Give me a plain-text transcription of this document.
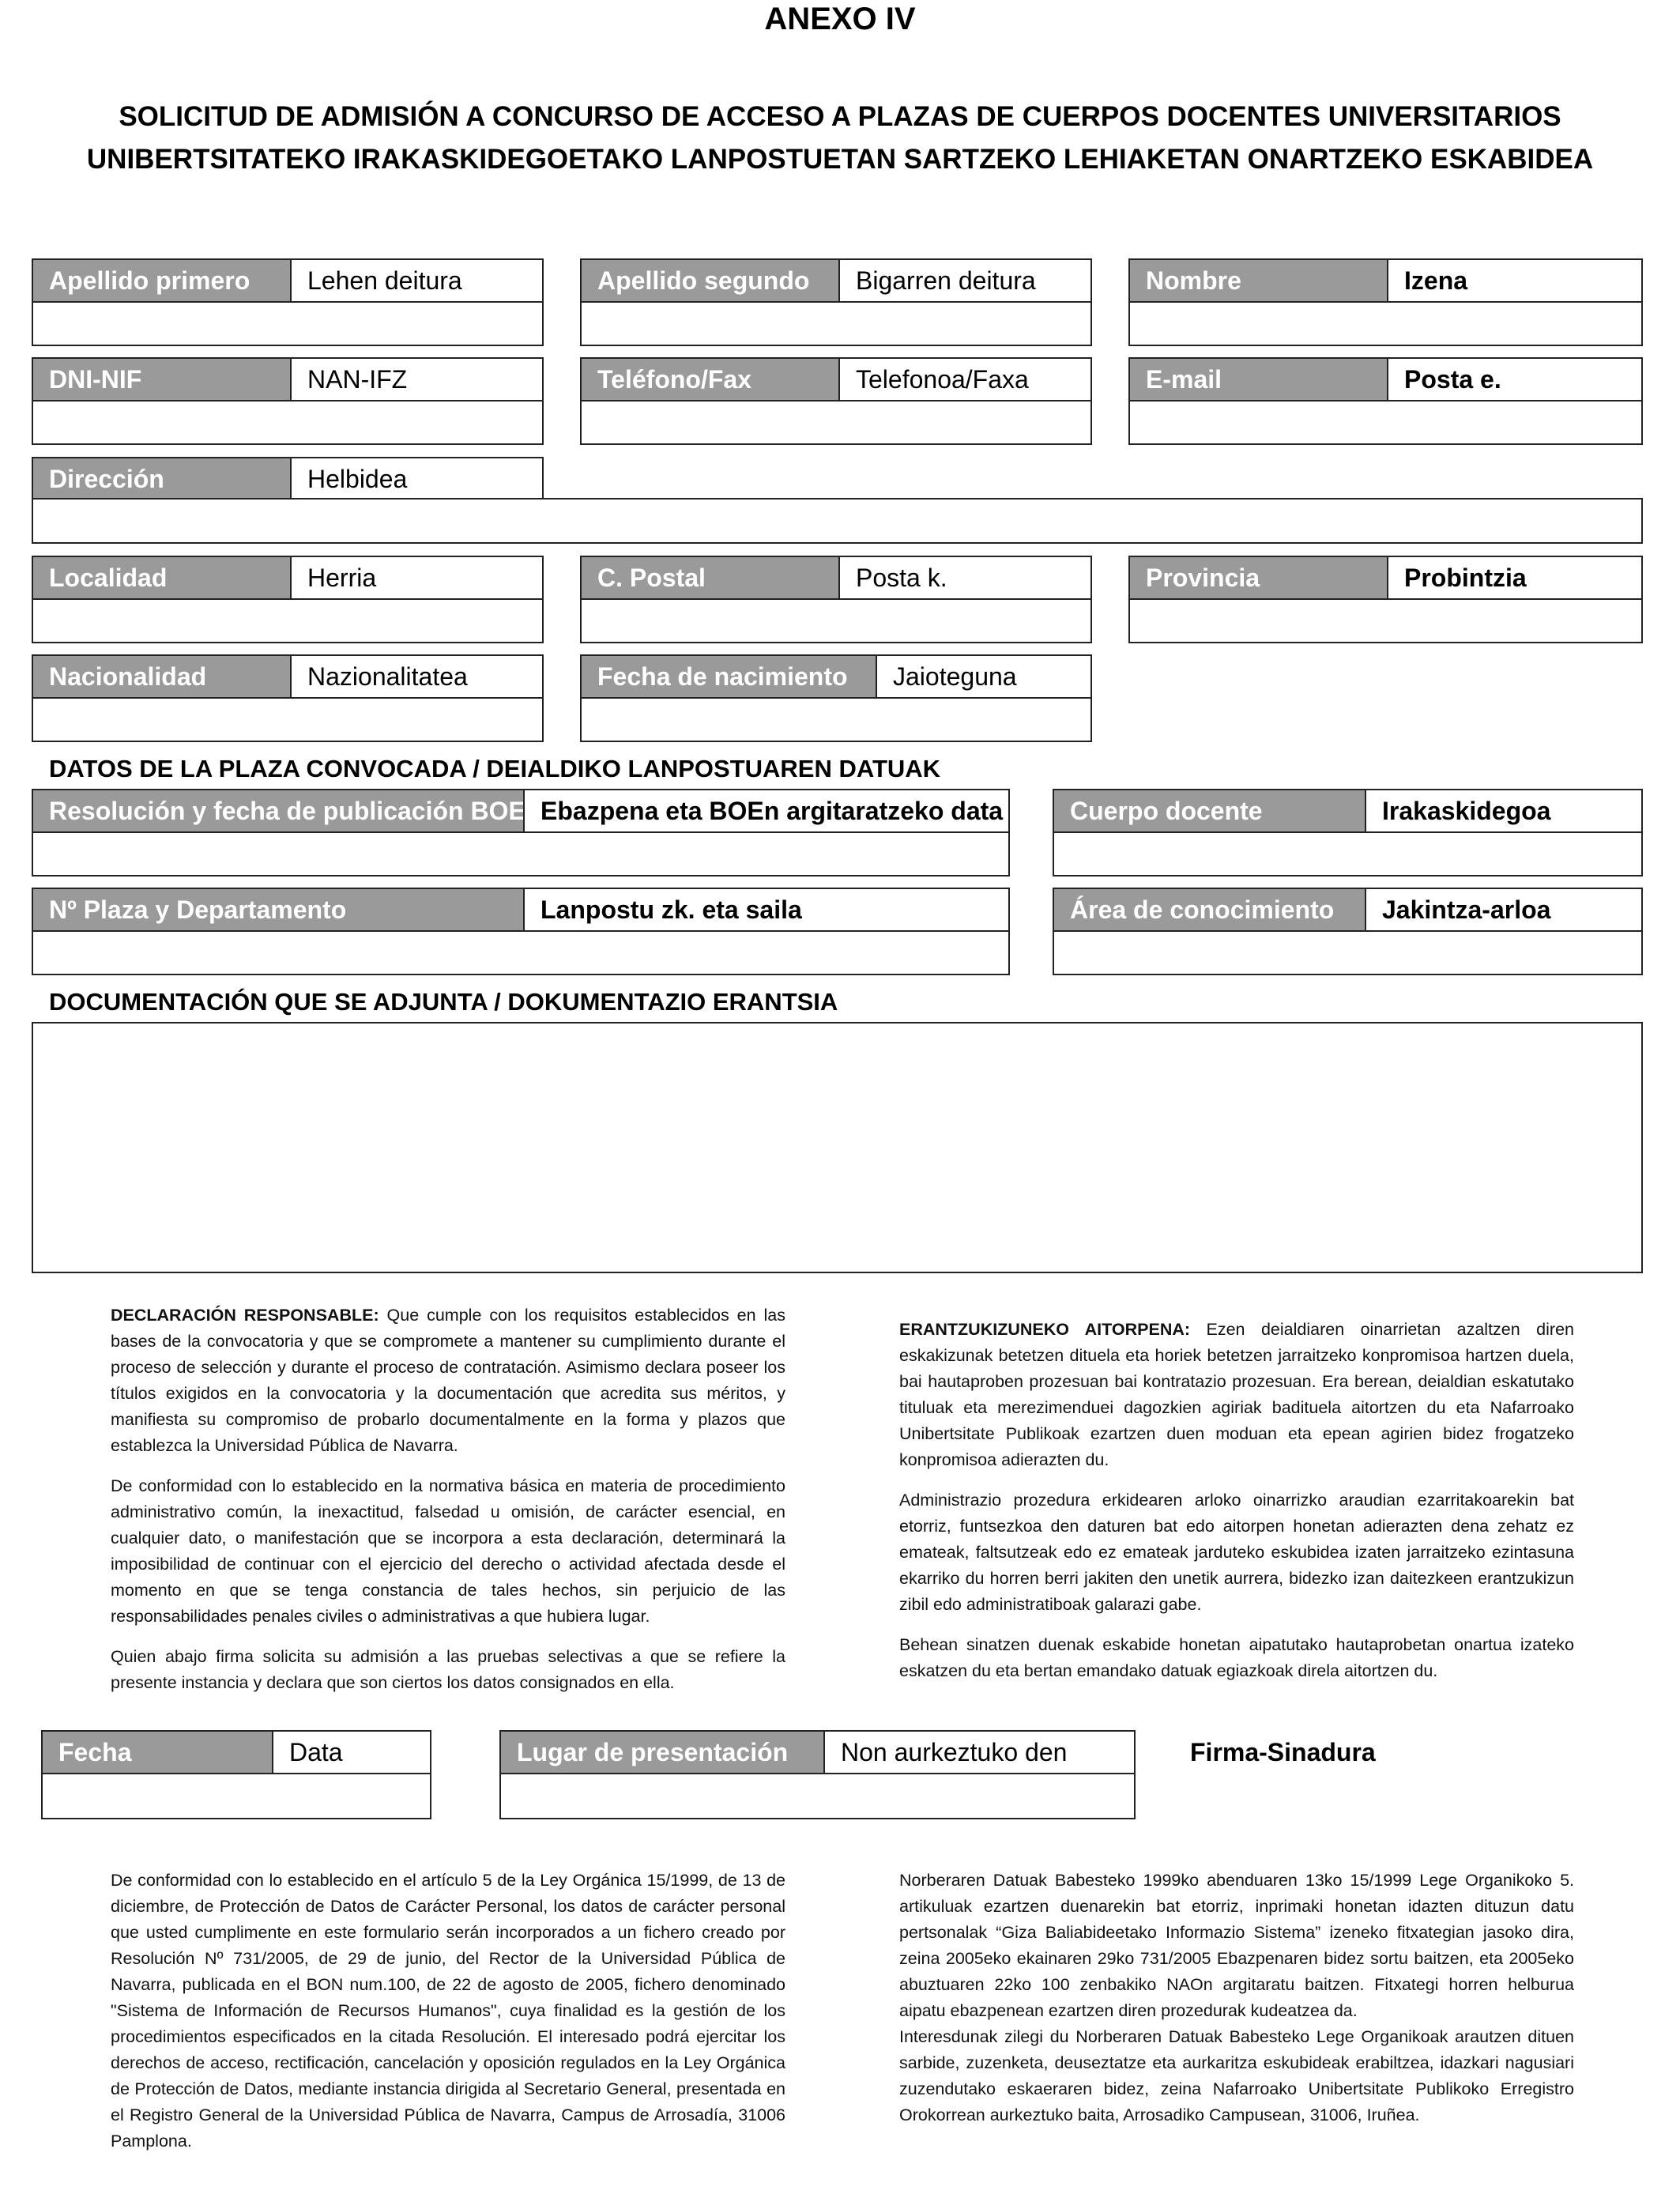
ANEXO IV
SOLICITUD DE ADMISIÓN A CONCURSO DE ACCESO A PLAZAS DE CUERPOS DOCENTES UNIVERSITARIOS
UNIBERTSITATEKO IRAKASKIDEGOETAKO LANPOSTUETAN SARTZEKO LEHIAKETAN ONARTZEKO ESKABIDEA
Apellido primero	Lehen deitura	Apellido segundo	Bigarren deitura	Nombre	Izena
DNI-NIF	NAN-IFZ	Teléfono/Fax	Telefonoa/Faxa	E-mail	Posta e.
Dirección	Helbidea
Localidad	Herria	C. Postal	Posta k.	Provincia	Probintzia
Nacionalidad	Nazionalitatea	Fecha de nacimiento	Jaioteguna
DATOS DE LA PLAZA CONVOCADA / DEIALDIKO LANPOSTUAREN DATUAK
Resolución y fecha de publicación BOE Ebazpena eta BOEn argitaratzeko data	Cuerpo docente	Irakaskidegoa
Nº Plaza y Departamento	Lanpostu zk. eta saila	Área de conocimiento	Jakintza-arloa
DOCUMENTACIÓN QUE SE ADJUNTA / DOKUMENTAZIO ERANTSIA

DECLARACIÓN RESPONSABLE: Que cumple con los requisitos establecidos en las bases de la convocatoria y que se compromete a mantener su cumplimiento durante el proceso de selección y durante el proceso de contratación. Asimismo declara poseer los títulos exigidos en la convocatoria y la documentación que acredita sus méritos, y manifiesta su compromiso de probarlo documentalmente en la forma y plazos que establezca la Universidad Pública de Navarra.

De conformidad con lo establecido en la normativa básica en materia de procedimiento administrativo común, la inexactitud, falsedad u omisión, de carácter esencial, en cualquier dato, o manifestación que se incorpora a esta declaración, determinará la imposibilidad de continuar con el ejercicio del derecho o actividad afectada desde el momento en que se tenga constancia de tales hechos, sin perjuicio de las responsabilidades penales civiles o administrativas a que hubiera lugar.

Quien abajo firma solicita su admisión a las pruebas selectivas a que se refiere la presente instancia y declara que son ciertos los datos consignados en ella.

ERANTZUKIZUNEKO AITORPENA: Ezen deialdiaren oinarrietan azaltzen diren eskakizunak betetzen dituela eta horiek betetzen jarraitzeko konpromisoa hartzen duela, bai hautaproben prozesuan bai kontratazio prozesuan. Era berean, deialdian eskatutako tituluak eta merezimenduei dagozkien agiriak badituela aitortzen du eta Nafarroako Unibertsitate Publikoak ezartzen duen moduan eta epean agirien bidez frogatzeko konpromisoa adierazten du.

Administrazio prozedura erkidearen arloko oinarrizko araudian ezarritakoarekin bat etorriz, funtsezkoa den daturen bat edo aitorpen honetan adierazten dena zehatz ez emateak, faltsutzeak edo ez emateak jarduteko eskubidea izaten jarraitzeko ezintasuna ekarriko du horren berri jakiten den unetik aurrera, bidezko izan daitezkeen erantzukizun zibil edo administratiboak galarazi gabe.

Behean sinatzen duenak eskabide honetan aipatutako hautaprobetan onartua izateko eskatzen du eta bertan emandako datuak egiazkoak direla aitortzen du.

Fecha	Data	Lugar de presentación	Non aurkeztuko den	Firma-Sinadura
De conformidad con lo establecido en el artículo 5 de la Ley Orgánica 15/1999, de 13 de diciembre, de Protección de Datos de Carácter Personal, los datos de carácter personal que usted cumplimente en este formulario serán incorporados a un fichero creado por Resolución Nº 731/2005, de 29 de junio, del Rector de la Universidad Pública de Navarra, publicada en el BON num.100, de 22 de agosto de 2005, fichero denominado "Sistema de Información de Recursos Humanos", cuya finalidad es la gestión de los procedimientos especificados en la citada Resolución. El interesado podrá ejercitar los derechos de acceso, rectificación, cancelación y oposición regulados en la Ley Orgánica de Protección de Datos, mediante instancia dirigida al Secretario General, presentada en el Registro General de la Universidad Pública de Navarra, Campus de Arrosadía, 31006 Pamplona.
Norberaren Datuak Babesteko 1999ko abenduaren 13ko 15/1999 Lege Organikoko 5. artikuluak ezartzen duenarekin bat etorriz, inprimaki honetan idazten dituzun datu pertsonalak “Giza Baliabideetako Informazio Sistema” izeneko fitxategian jasoko dira, zeina 2005eko ekainaren 29ko 731/2005 Ebazpenaren bidez sortu baitzen, eta 2005eko abuztuaren 22ko 100 zenbakiko NAOn argitaratu baitzen. Fitxategi horren helburua aipatu ebazpenean ezartzen diren prozedurak kudeatzea da.
Interesdunak zilegi du Norberaren Datuak Babesteko Lege Organikoak arautzen dituen sarbide, zuzenketa, deuseztatze eta aurkaritza eskubideak erabiltzea, idazkari nagusiari zuzendutako eskaeraren bidez, zeina Nafarroako Unibertsitate Publikoko Erregistro Orokorrean aurkeztuko baita, Arrosadiko Campusean, 31006, Iruñea.
